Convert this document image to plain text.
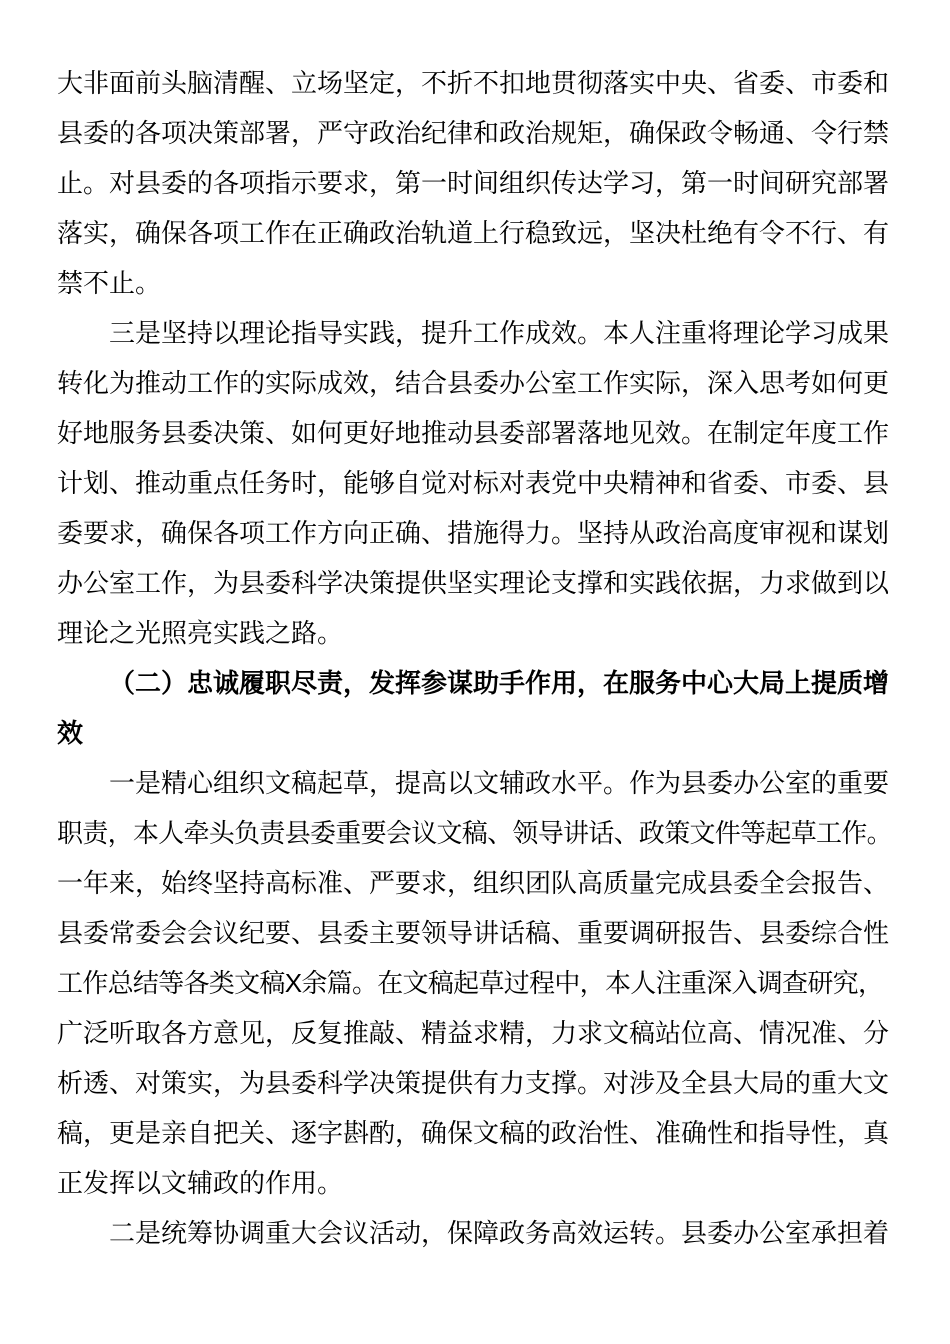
大非面前头脑清醒、立场坚定，不折不扣地贯彻落实中央、省委、市委和
县委的各项决策部署，严守政治纪律和政治规矩，确保政令畅通、令行禁
止。对县委的各项指示要求，第一时间组织传达学习，第一时间研究部署
落实，确保各项工作在正确政治轨道上行稳致远，坚决杜绝有令不行、有
禁不止。
三是坚持以理论指导实践，提升工作成效。本人注重将理论学习成果
转化为推动工作的实际成效，结合县委办公室工作实际，深入思考如何更
好地服务县委决策、如何更好地推动县委部署落地见效。在制定年度工作
计划、推动重点任务时，能够自觉对标对表党中央精神和省委、市委、县
委要求，确保各项工作方向正确、措施得力。坚持从政治高度审视和谋划
办公室工作，为县委科学决策提供坚实理论支撑和实践依据，力求做到以
理论之光照亮实践之路。
（二）忠诚履职尽责，发挥参谋助手作用，在服务中心大局上提质增
效
一是精心组织文稿起草，提高以文辅政水平。作为县委办公室的重要
职责，本人牵头负责县委重要会议文稿、领导讲话、政策文件等起草工作。
一年来，始终坚持高标准、严要求，组织团队高质量完成县委全会报告、
县委常委会会议纪要、县委主要领导讲话稿、重要调研报告、县委综合性
工作总结等各类文稿X余篇。在文稿起草过程中，本人注重深入调查研究，
广泛听取各方意见，反复推敲、精益求精，力求文稿站位高、情况准、分
析透、对策实，为县委科学决策提供有力支撑。对涉及全县大局的重大文
稿，更是亲自把关、逐字斟酌，确保文稿的政治性、准确性和指导性，真
正发挥以文辅政的作用。
二是统筹协调重大会议活动，保障政务高效运转。县委办公室承担着
